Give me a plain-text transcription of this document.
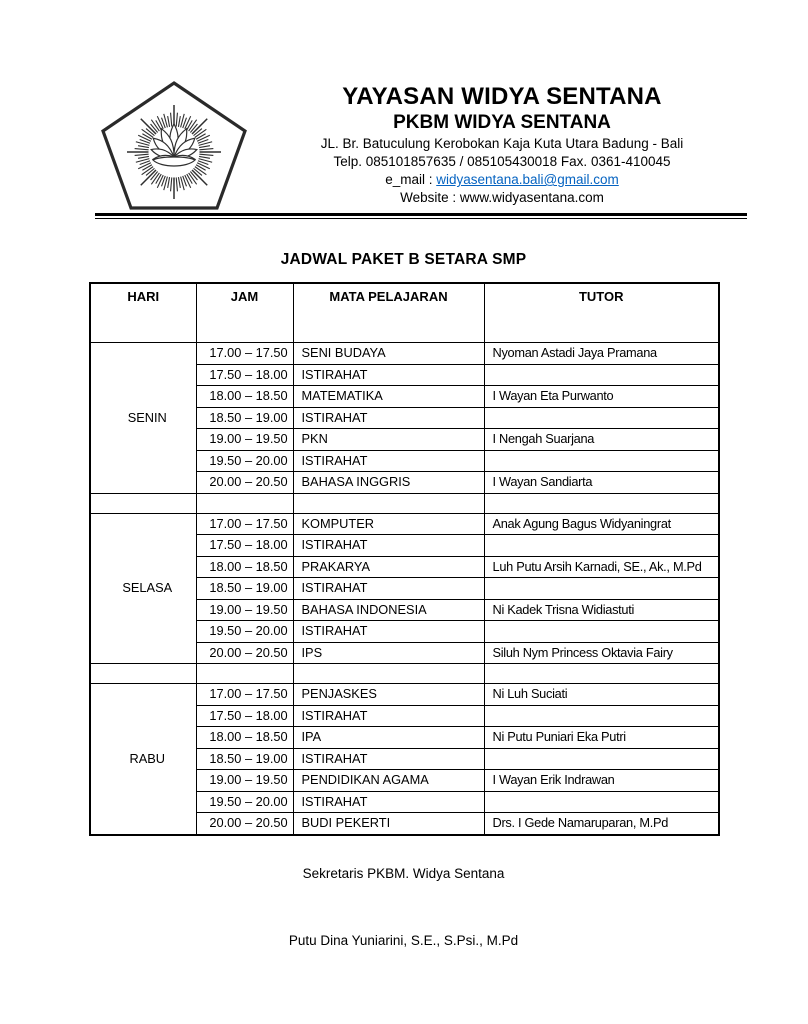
YAYASAN WIDYA SENTANA
PKBM WIDYA SENTANA
JL. Br. Batuculung Kerobokan Kaja Kuta Utara Badung - Bali
Telp. 085101857635 / 085105430018 Fax. 0361-410045
e_mail : widyasentana.bali@gmail.com
Website : www.widyasentana.com
JADWAL PAKET B SETARA SMP
HARI	JAM	MATA PELAJARAN	TUTOR
SENIN	17.00 – 17.50	SENI BUDAYA	Nyoman Astadi Jaya Pramana
	17.50 – 18.00	ISTIRAHAT	
	18.00 – 18.50	MATEMATIKA	I Wayan Eta Purwanto
	18.50 – 19.00	ISTIRAHAT	
	19.00 – 19.50	PKN	I Nengah Suarjana
	19.50 – 20.00	ISTIRAHAT	
	20.00 – 20.50	BAHASA INGGRIS	I Wayan Sandiarta

SELASA	17.00 – 17.50	KOMPUTER	Anak Agung Bagus Widyaningrat
	17.50 – 18.00	ISTIRAHAT	
	18.00 – 18.50	PRAKARYA	Luh Putu Arsih Karnadi, SE., Ak., M.Pd
	18.50 – 19.00	ISTIRAHAT	
	19.00 – 19.50	BAHASA INDONESIA	Ni Kadek Trisna Widiastuti
	19.50 – 20.00	ISTIRAHAT	
	20.00 – 20.50	IPS	Siluh Nym Princess Oktavia Fairy

RABU	17.00 – 17.50	PENJASKES	Ni Luh Suciati
	17.50 – 18.00	ISTIRAHAT	
	18.00 – 18.50	IPA	Ni Putu Puniari Eka Putri
	18.50 – 19.00	ISTIRAHAT	
	19.00 – 19.50	PENDIDIKAN AGAMA	I Wayan Erik Indrawan
	19.50 – 20.00	ISTIRAHAT	
	20.00 – 20.50	BUDI PEKERTI	Drs. I Gede Namaruparan, M.Pd
Sekretaris PKBM. Widya Sentana
Putu Dina Yuniarini, S.E., S.Psi., M.Pd
